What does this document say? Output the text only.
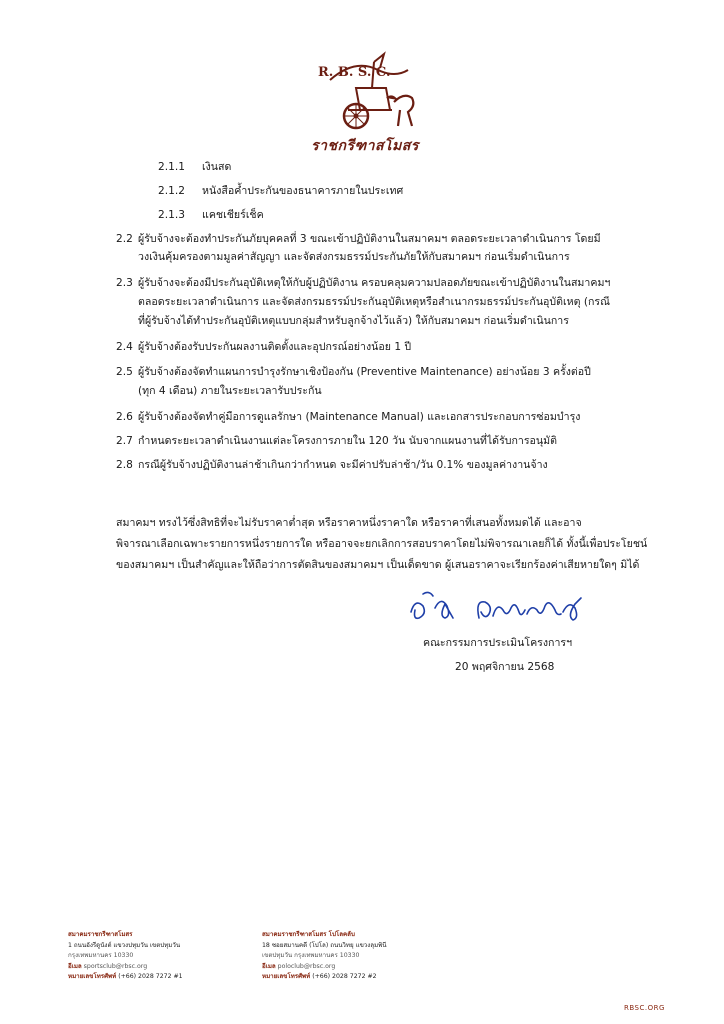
R. B. S. C.
ราชกรีฑาสโมสร
2.1.1 เงินสด
2.1.2 หนังสือค้ำประกันของธนาคารภายในประเทศ
2.1.3 แคชเชียร์เช็ค
2.2 ผู้รับจ้างจะต้องทำประกันภัยบุคคลที่ 3 ขณะเข้าปฏิบัติงานในสมาคมฯ ตลอดระยะเวลาดำเนินการ โดยมี
วงเงินคุ้มครองตามมูลค่าสัญญา และจัดส่งกรมธรรม์ประกันภัยให้กับสมาคมฯ ก่อนเริ่มดำเนินการ
2.3 ผู้รับจ้างจะต้องมีประกันอุบัติเหตุให้กับผู้ปฏิบัติงาน ครอบคลุมความปลอดภัยขณะเข้าปฏิบัติงานในสมาคมฯ
ตลอดระยะเวลาดำเนินการ และจัดส่งกรมธรรม์ประกันอุบัติเหตุหรือสำเนากรมธรรม์ประกันอุบัติเหตุ (กรณี
ที่ผู้รับจ้างได้ทำประกันอุบัติเหตุแบบกลุ่มสำหรับลูกจ้างไว้แล้ว) ให้กับสมาคมฯ ก่อนเริ่มดำเนินการ
2.4 ผู้รับจ้างต้องรับประกันผลงานติดตั้งและอุปกรณ์อย่างน้อย 1 ปี
2.5 ผู้รับจ้างต้องจัดทำแผนการบำรุงรักษาเชิงป้องกัน (Preventive Maintenance) อย่างน้อย 3 ครั้งต่อปี
(ทุก 4 เดือน) ภายในระยะเวลารับประกัน
2.6 ผู้รับจ้างต้องจัดทำคู่มือการดูแลรักษา (Maintenance Manual) และเอกสารประกอบการซ่อมบำรุง
2.7 กำหนดระยะเวลาดำเนินงานแต่ละโครงการภายใน 120 วัน นับจากแผนงานที่ได้รับการอนุมัติ
2.8 กรณีผู้รับจ้างปฏิบัติงานล่าช้าเกินกว่ากำหนด จะมีค่าปรับล่าช้า/วัน 0.1% ของมูลค่างานจ้าง
สมาคมฯ ทรงไว้ซึ่งสิทธิที่จะไม่รับราคาต่ำสุด หรือราคาหนึ่งราคาใด หรือราคาที่เสนอทั้งหมดได้ และอาจ
พิจารณาเลือกเฉพาะรายการหนึ่งรายการใด หรืออาจจะยกเลิกการสอบราคาโดยไม่พิจารณาเลยก็ได้ ทั้งนี้เพื่อประโยชน์
ของสมาคมฯ เป็นสำคัญและให้ถือว่าการตัดสินของสมาคมฯ เป็นเด็ดขาด ผู้เสนอราคาจะเรียกร้องค่าเสียหายใดๆ มิได้
คณะกรรมการประเมินโครงการฯ
20 พฤศจิกายน 2568
สมาคมราชกรีฑาสโมสร
1 ถนนอังรีดูนังต์ แขวงปทุมวัน เขตปทุมวัน
กรุงเทพมหานคร 10330
อีเมล sportsclub@rbsc.org
หมายเลขโทรศัพท์ (+66) 2028 7272 #1
สมาคมราชกรีฑาสโมสร โปโลคลับ
18 ซอยสมานคดี (โปโล) ถนนวิทยุ แขวงลุมพินี
เขตปทุมวัน กรุงเทพมหานคร 10330
อีเมล poloclub@rbsc.org
หมายเลขโทรศัพท์ (+66) 2028 7272 #2
RBSC.ORG
